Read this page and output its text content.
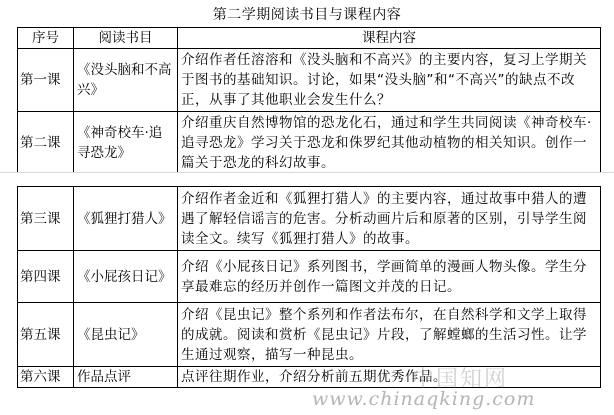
第二学期阅读书目与课程内容
序号	阅读书目	课程内容
第一课	《没头脑和不高兴》	介绍作者任溶溶和《没头脑和不高兴》的主要内容，复习上学期关于图书的基础知识。讨论，如果“没头脑”和“不高兴”的缺点不改正，从事了其他职业会发生什么？
第二课	《神奇校车·追寻恐龙》	介绍重庆自然博物馆的恐龙化石，通过和学生共同阅读《神奇校车·追寻恐龙》学习关于恐龙和侏罗纪其他动植物的相关知识。创作一篇关于恐龙的科幻故事。
第三课	《狐狸打猎人》	介绍作者金近和《狐狸打猎人》的主要内容，通过故事中猎人的遭遇了解轻信谣言的危害。分析动画片后和原著的区别，引导学生阅读全文。续写《狐狸打猎人》的故事。
第四课	《小屁孩日记》	介绍《小屁孩日记》系列图书，学画简单的漫画人物头像。学生分享最难忘的经历并创作一篇图文并茂的日记。
第五课	《昆虫记》	介绍《昆虫记》整个系列和作者法布尔，在自然科学和文学上取得的成就。阅读和赏析《昆虫记》片段，了解螳螂的生活习性。让学生通过观察，描写一种昆虫。
第六课	作品点评	点评往期作业，介绍分析前五期优秀作品。
中国知网
www.chinaqking.com
